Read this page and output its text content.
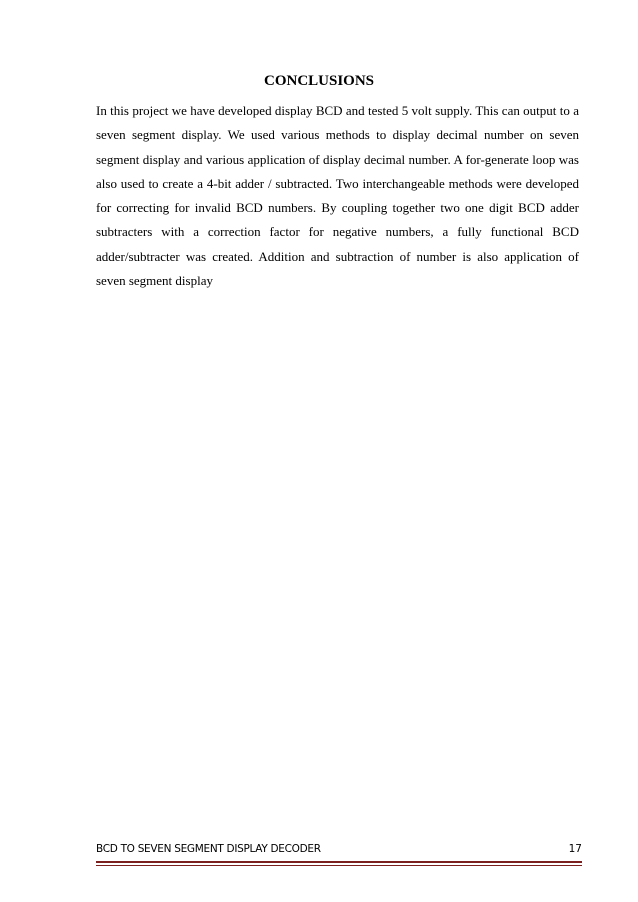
CONCLUSIONS

In this project we have developed display BCD and tested 5 volt supply. This can output to a seven segment display. We used various methods to display decimal number on seven segment display and various application of display decimal number. A for-generate loop was also used to create a 4-bit adder / subtracted. Two interchangeable methods were developed for correcting for invalid BCD numbers. By coupling together two one digit BCD adder subtracters with a correction factor for negative numbers, a fully functional BCD adder/subtracter was created. Addition and subtraction of number is also application of seven segment display

BCD TO SEVEN SEGMENT DISPLAY DECODER	17
